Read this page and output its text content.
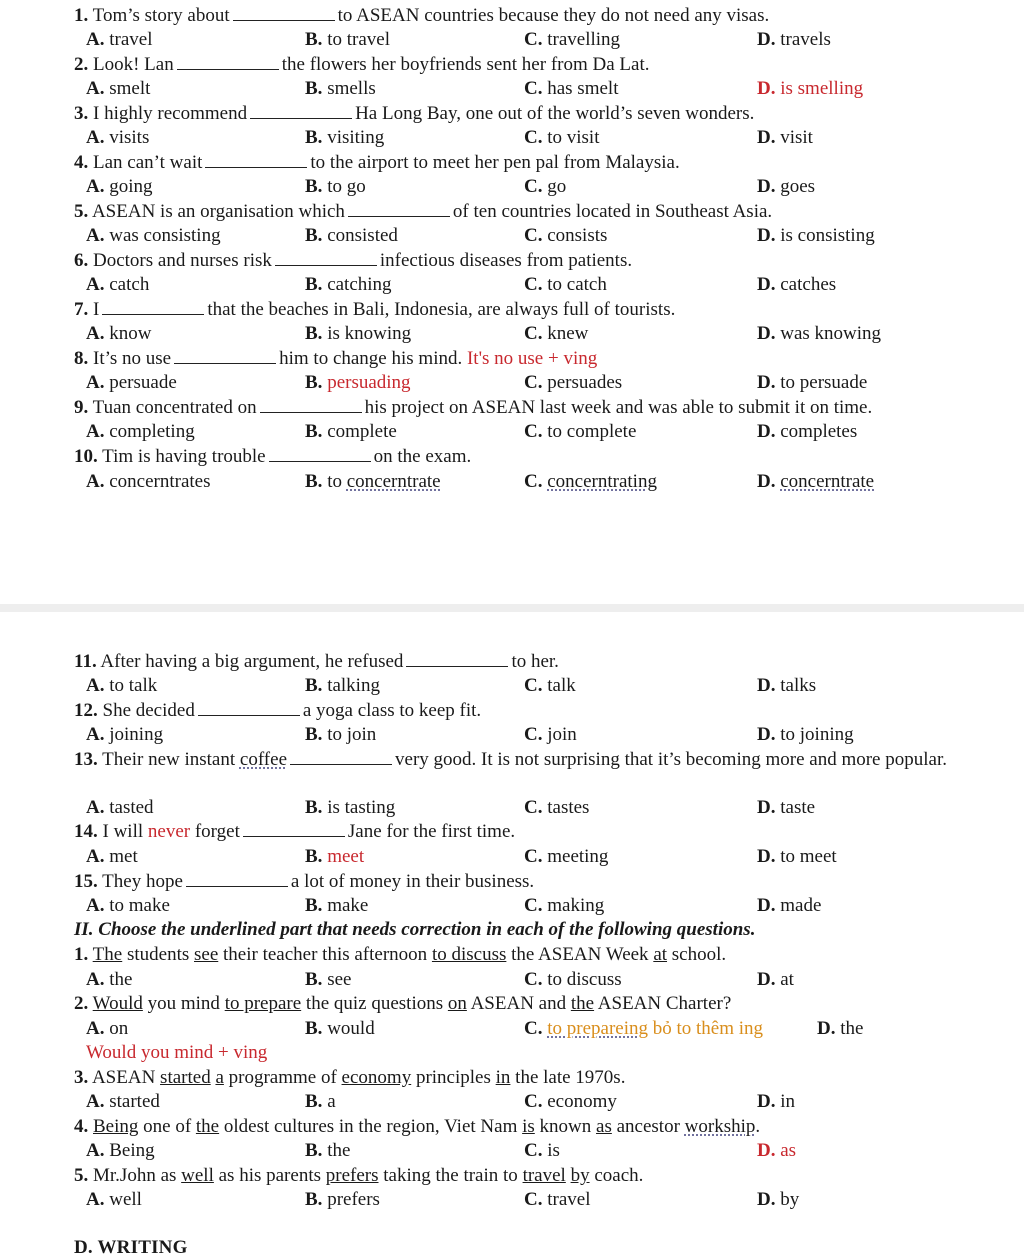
1. Tom’s story about	to ASEAN countries because they do not need any visas.
A. travel	B. to travel	C. travelling	D. travels
2. Look! Lan	the flowers her boyfriends sent her from Da Lat.
A. smelt	B. smells	C. has smelt	D. is smelling
3. I highly recommend	Ha Long Bay, one out of the world’s seven wonders.
A. visits	B. visiting	C. to visit	D. visit
4. Lan can’t wait	to the airport to meet her pen pal from Malaysia.
A. going	B. to go	C. go	D. goes
5. ASEAN is an organisation which	of ten countries located in Southeast Asia.
A. was consisting	B. consisted	C. consists	D. is consisting
6. Doctors and nurses risk	infectious diseases from patients.
A. catch	B. catching	C. to catch	D. catches
7. I	that the beaches in Bali, Indonesia, are always full of tourists.
A. know	B. is knowing	C. knew	D. was knowing
8. It’s no use	him to change his mind. It's no use + ving
A. persuade	B. persuading	C. persuades	D. to persuade
9. Tuan concentrated on	his project on ASEAN last week and was able to submit it on time.
A. completing	B. complete	C. to complete	D. completes
10. Tim is having trouble	on the exam.
A. concerntrates	B. to concerntrate	C. concerntrating	D. concerntrate
11. After having a big argument, he refused	to her.
A. to talk	B. talking	C. talk	D. talks
12. She decided	a yoga class to keep fit.
A. joining	B. to join	C. join	D. to joining
13. Their new instant coffee	very good. It is not surprising that it’s becoming more and more popular.
A. tasted	B. is tasting	C. tastes	D. taste
14. I will never forget	Jane for the first time.
A. met	B. meet	C. meeting	D. to meet
15. They hope	a lot of money in their business.
A. to make	B. make	C. making	D. made
II. Choose the underlined part that needs correction in each of the following questions.
1. The students see their teacher this afternoon to discuss the ASEAN Week at school.
2. Would you mind to prepare the quiz questions on ASEAN and the ASEAN Charter?
Would you mind + ving
3. ASEAN started a programme of economy principles in the late 1970s.
4. Being one of the oldest cultures in the region, Viet Nam is known as ancestor workship.
5. Mr.John as well as his parents prefers taking the train to travel by coach.
A. the	B. see	C. to discuss	D. at
A. on	B. would	C. to prepareing bỏ to thêm ing	D. the
A. started	B. a	C. economy	D. in
A. Being	B. the	C. is	D. as
A. well	B. prefers	C. travel	D. by
D. WRITING
